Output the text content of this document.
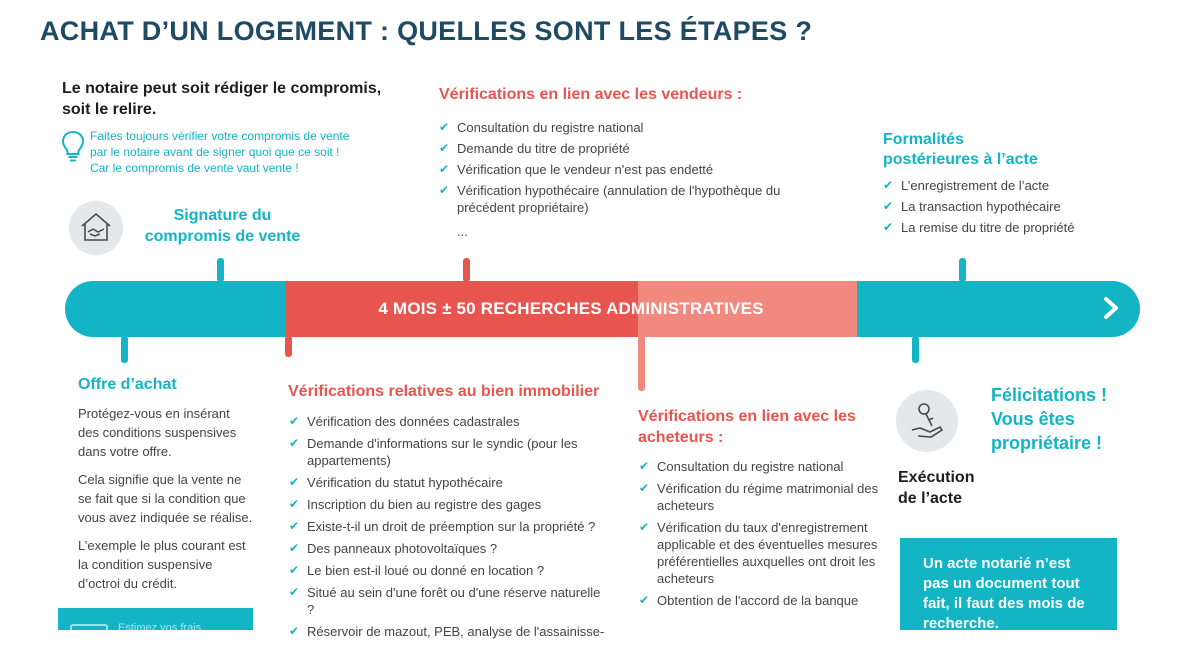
ACHAT D’UN LOGEMENT : QUELLES SONT LES ÉTAPES ?
Le notaire peut soit rédiger le compromis,
soit le relire.
Faites toujours vérifier votre compromis de vente
par le notaire avant de signer quoi que ce soit !
Car le compromis de vente vaut vente !
Signature du
compromis de vente
Vérifications en lien avec les vendeurs :
✔ Consultation du registre national
✔ Demande du titre de propriété
✔ Vérification que le vendeur n'est pas endetté
✔ Vérification hypothécaire (annulation de l'hypothèque du précédent propriétaire)
...
Formalités
postérieures à l’acte
✔ L’enregistrement de l’acte
✔ La transaction hypothécaire
✔ La remise du titre de propriété
4 MOIS ± 50 RECHERCHES ADMINISTRATIVES
Offre d’achat
Protégez-vous en insérant
des conditions suspensives
dans votre offre.
Cela signifie que la vente ne
se fait que si la condition que
vous avez indiquée se réalise.
L’exemple le plus courant est
la condition suspensive
d’octroi du crédit.
Estimez vos frais
Vérifications relatives au bien immobilier
✔ Vérification des données cadastrales
✔ Demande d'informations sur le syndic (pour les appartements)
✔ Vérification du statut hypothécaire
✔ Inscription du bien au registre des gages
✔ Existe-t-il un droit de préemption sur la propriété ?
✔ Des panneaux photovoltaïques ?
✔ Le bien est-il loué ou donné en location ?
✔ Situé au sein d'une forêt ou d'une réserve naturelle ?
✔ Réservoir de mazout, PEB, analyse de l'assainisse-
Vérifications en lien avec les
acheteurs :
✔ Consultation du registre national
✔ Vérification du régime matrimonial des acheteurs
✔ Vérification du taux d'enregistrement applicable et des éventuelles mesures préférentielles auxquelles ont droit les acheteurs
✔ Obtention de l'accord de la banque
Félicitations !
Vous êtes
propriétaire !
Exécution
de l’acte
Un acte notarié n’est
pas un document tout
fait, il faut des mois de
recherche.
